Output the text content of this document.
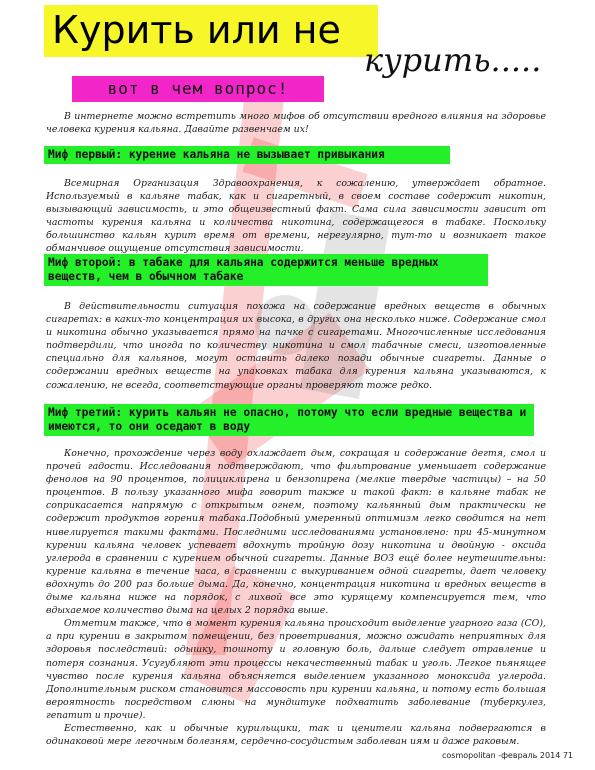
Курить или не
курить.....
вот в чем вопрос!

В интернете можно встретить много мифов об отсутствии вредного влияния на здоровье человека курения кальяна. Давайте развенчаем их!

Миф первый: курение кальяна не вызывает привыкания

Всемирная Организация Здравоохранения, к сожалению, утверждает обратное. Используемый в кальяне табак, как и сигаретный, в своем составе содержит никотин, вызывающий зависимость, и это общеизвестный факт. Сама сила зависимости зависит от частоты курения кальяна и количества никотина, содержащегося в табаке. Поскольку большинство кальян курит время от времени, нерегулярно, тут-то и возникает такое обманчивое ощущение отсутствия зависимости.

Миф второй: в табаке для кальяна содержится меньше вредных веществ, чем в обычном табаке

В действительности ситуация похожа на содержание вредных веществ в обычных сигаретах: в каких-то концентрация их высока, в других она несколько ниже. Содержание смол и никотина обычно указывается прямо на пачке с сигаретами. Многочисленные исследования подтвердили, что иногда по количеству никотина и смол табачные смеси, изготовленные специально для кальянов, могут оставить далеко позади обычные сигареты. Данные о содержании вредных веществ на упаковках табака для курения кальяна указываются, к сожалению, не всегда, соответствующие органы проверяют тоже редко.

Миф третий: курить кальян не опасно, потому что если вредные вещества и имеются, то они оседают в воду

Конечно, прохождение через воду охлаждает дым, сокращая и содержание дегтя, смол и прочей гадости. Исследования подтверждают, что фильтрование уменьшает содержание фенолов на 90 процентов, полициклирена и бензопирена (мелкие твердые частицы) – на 50 процентов. В пользу указанного мифа говорит также и такой факт: в кальяне табак не соприкасается напрямую с открытым огнем, поэтому кальянный дым практически не содержит продуктов горения табака.Подобный умеренный оптимизм легко сводится на нет нивелируется такими фактами. Последними исследованиями установлено: при 45-минутном курении кальяна человек успевает вдохнуть тройную дозу никотина и двойную - оксида углерода в сравнении с курением обычной сигареты. Данные ВОЗ ещё более неутешительны: курение кальяна в течение часа, в сравнении с выкуриванием одной сигареты, дает человеку вдохнуть до 200 раз больше дыма. Да, конечно, концентрация никотина и вредных веществ в дыме кальяна ниже на порядок, с лихвой все это курящему компенсируется тем, что вдыхаемое количество дыма на целых 2 порядка выше.

Отметим также, что в момент курения кальяна происходит выделение угарного газа (CO), а при курении в закрытом помещении, без проветривания, можно ожидать неприятных для здоровья последствий: одышку, тошноту и головную боль, дальше следует отравление и потеря сознания. Усугубляют эти процессы некачественный табак и уголь. Легкое пьянящее чувство после курения кальяна объясняется выделением указанного моноксида углерода. Дополнительным риском становится массовость при курении кальяна, и потому есть большая вероятность посредством слюны на мундштуке подхватить заболевание (туберкулез, гепатит и прочие).

Естественно, как и обычные курильщики, так и ценители кальяна подвергаются в одинаковой мере легочным болезням, сердечно-сосудистым заболеван иям и даже раковым.

cosmopolitan -февраль 2014 71
